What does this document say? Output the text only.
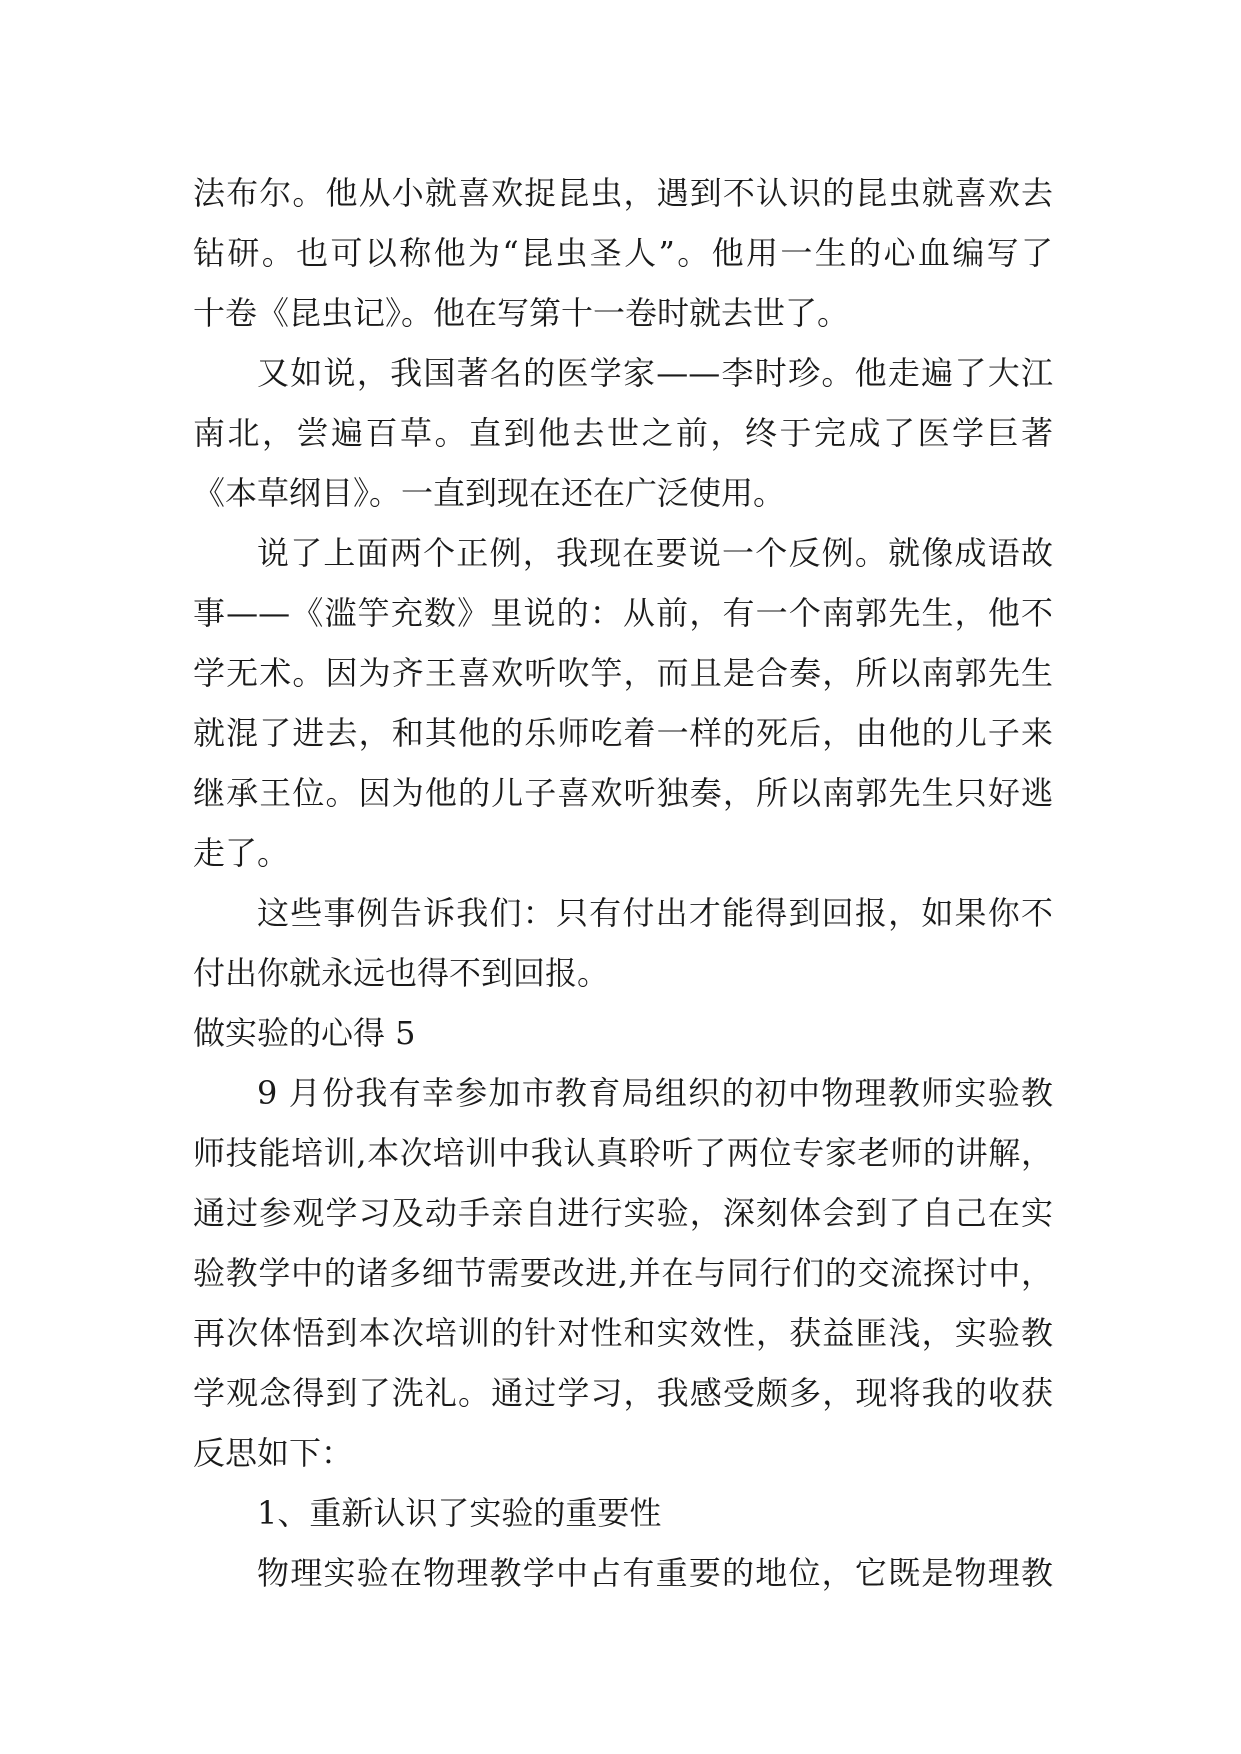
法布尔。他从小就喜欢捉昆虫，遇到不认识的昆虫就喜欢去
钻研。也可以称他为“昆虫圣人”。他用一生的心血编写了
十卷《昆虫记》。他在写第十一卷时就去世了。
又如说，我国著名的医学家——李时珍。他走遍了大江
南北，尝遍百草。直到他去世之前，终于完成了医学巨著
《本草纲目》。一直到现在还在广泛使用。
说了上面两个正例，我现在要说一个反例。就像成语故
事——《滥竽充数》里说的：从前，有一个南郭先生，他不
学无术。因为齐王喜欢听吹竽，而且是合奏，所以南郭先生
就混了进去，和其他的乐师吃着一样的死后，由他的儿子来
继承王位。因为他的儿子喜欢听独奏，所以南郭先生只好逃
走了。
这些事例告诉我们：只有付出才能得到回报，如果你不
付出你就永远也得不到回报。
做实验的心得 5
9 月份我有幸参加市教育局组织的初中物理教师实验教
师技能培训,本次培训中我认真聆听了两位专家老师的讲解，
通过参观学习及动手亲自进行实验，深刻体会到了自己在实
验教学中的诸多细节需要改进,并在与同行们的交流探讨中，
再次体悟到本次培训的针对性和实效性，获益匪浅，实验教
学观念得到了洗礼。通过学习，我感受颇多，现将我的收获
反思如下：
1、重新认识了实验的重要性
物理实验在物理教学中占有重要的地位，它既是物理教
